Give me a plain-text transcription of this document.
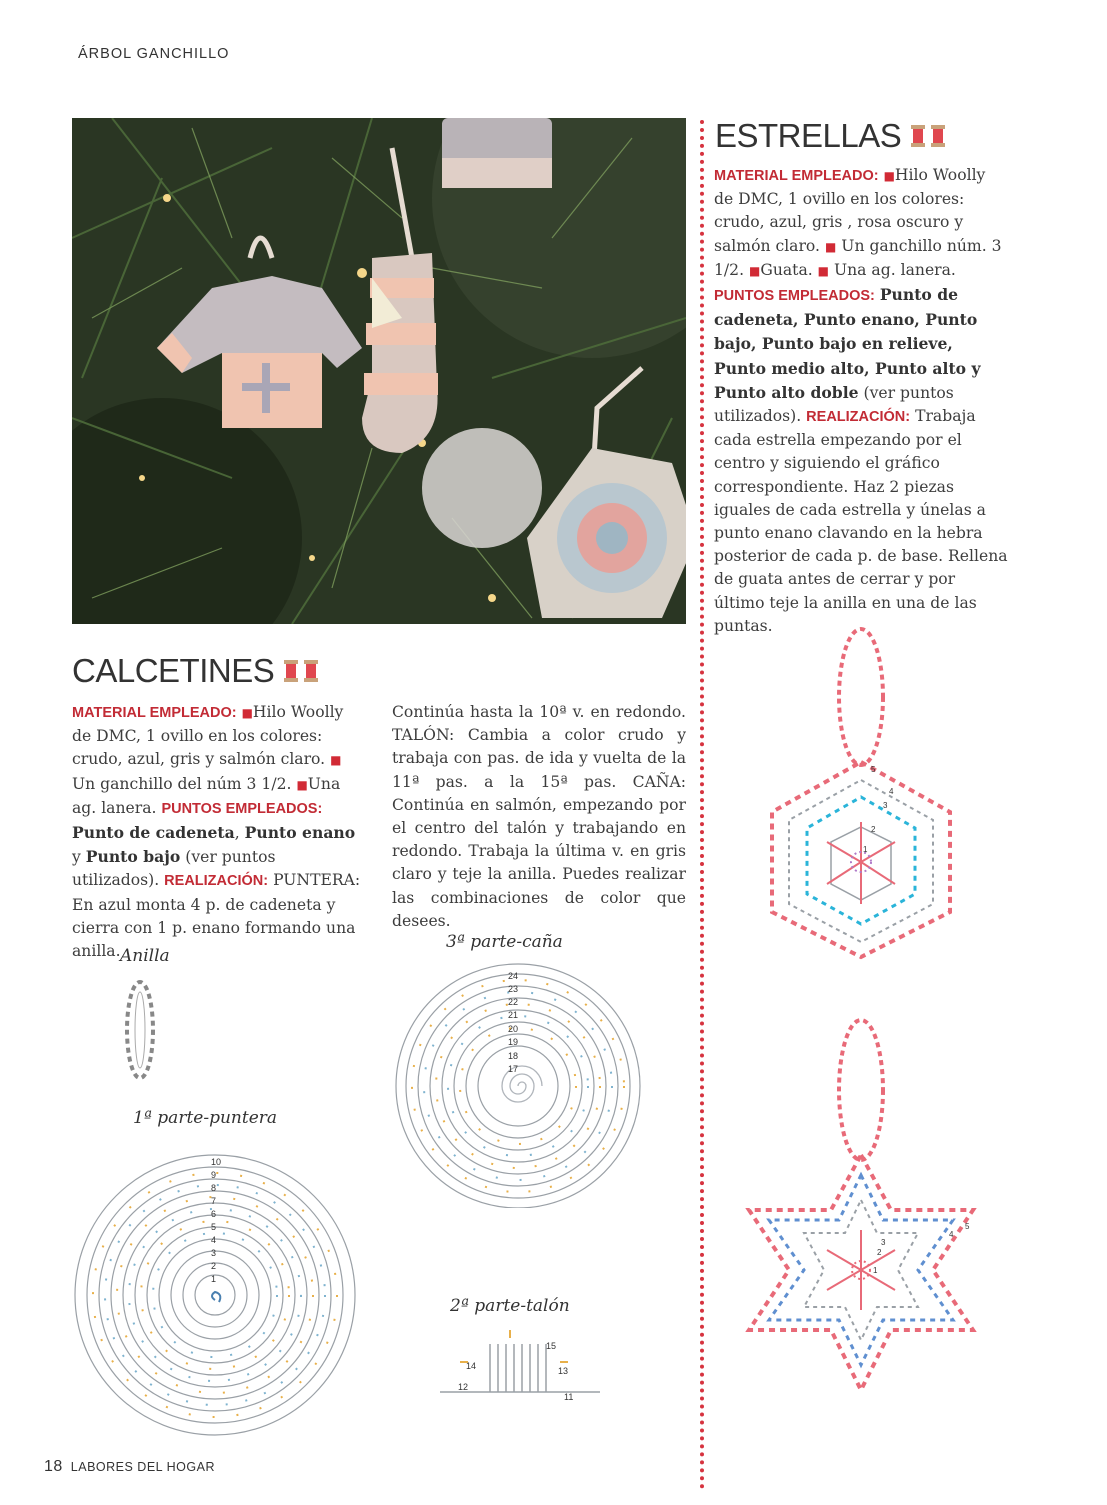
ÁRBOL GANCHILLO
ESTRELLAS

MATERIAL EMPLEADO: ■Hilo Woolly de DMC, 1 ovillo en los colores: crudo, azul, gris , rosa oscuro y salmón claro. ■ Un ganchillo núm. 3 1/2. ■Guata. ■ Una ag. lanera. PUNTOS EMPLEADOS: Punto de cadeneta, Punto enano, Punto bajo, Punto bajo en relieve, Punto medio alto, Punto alto y Punto alto doble (ver puntos utilizados). REALIZACIÓN: Trabaja cada estrella empezando por el centro y siguiendo el gráfico correspondiente. Haz 2 piezas iguales de cada estrella y únelas a punto enano clavando en la hebra posterior de cada p. de base. Rellena de guata antes de cerrar y por último teje la anilla en una de las puntas.

CALCETINES

MATERIAL EMPLEADO: ■Hilo Woolly de DMC, 1 ovillo en los colores: crudo, azul, gris y salmón claro. ■ Un ganchillo del núm 3 1/2. ■Una ag. lanera. PUNTOS EMPLEADOS: Punto de cadeneta, Punto enano y Punto bajo (ver puntos utilizados). REALIZACIÓN: PUNTERA: En azul monta 4 p. de cadeneta y cierra con 1 p. enano formando una anilla.

Continúa hasta la 10ª v. en redondo. TALÓN: Cambia a color crudo y trabaja con pas. de ida y vuelta de la 11ª pas. a la 15ª pas. CAÑA: Continúa en salmón, empezando por el centro del talón y trabajando en redondo. Trabaja la última v. en gris claro y teje la anilla. Puedes realizar las combinaciones de color que desees.

Anilla
1ª parte-puntera
2ª parte-talón
3ª parte-caña
10
9
8
7
6
5
4
3
2
1
24
23
22
21
20
19
18
17
15
14	13
12
11
5
4
3
2
1
5
4
3
2
1
18 LABORES DEL HOGAR
